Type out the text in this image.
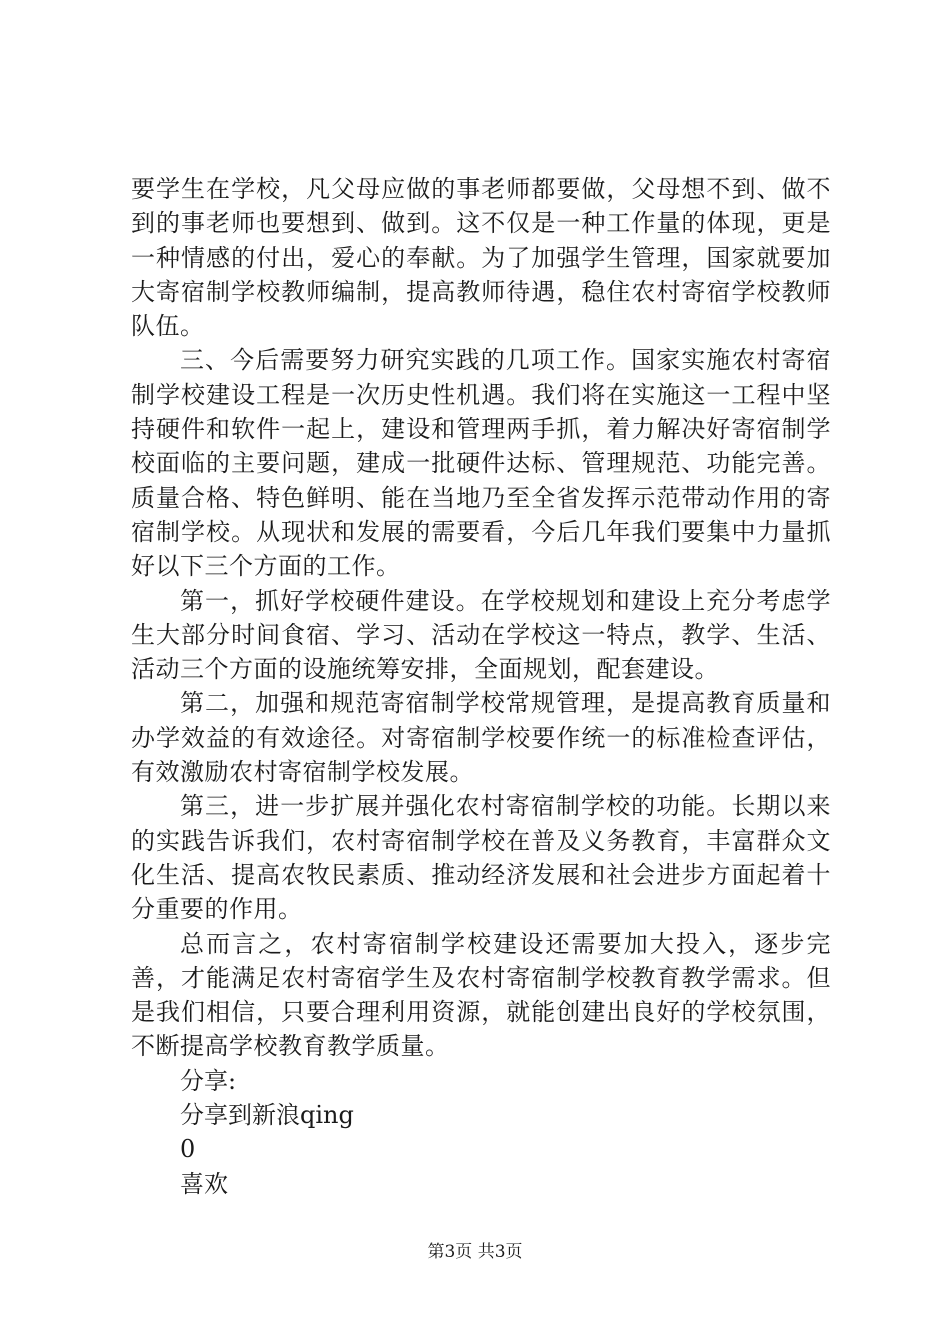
要学生在学校，凡父母应做的事老师都要做，父母想不到、做不到的事老师也要想到、做到。这不仅是一种工作量的体现，更是一种情感的付出，爱心的奉献。为了加强学生管理，国家就要加大寄宿制学校教师编制，提高教师待遇，稳住农村寄宿学校教师队伍。

三、今后需要努力研究实践的几项工作。国家实施农村寄宿制学校建设工程是一次历史性机遇。我们将在实施这一工程中坚持硬件和软件一起上，建设和管理两手抓，着力解决好寄宿制学校面临的主要问题，建成一批硬件达标、管理规范、功能完善。质量合格、特色鲜明、能在当地乃至全省发挥示范带动作用的寄宿制学校。从现状和发展的需要看，今后几年我们要集中力量抓好以下三个方面的工作。

第一，抓好学校硬件建设。在学校规划和建设上充分考虑学生大部分时间食宿、学习、活动在学校这一特点，教学、生活、活动三个方面的设施统筹安排，全面规划，配套建设。

第二，加强和规范寄宿制学校常规管理，是提高教育质量和办学效益的有效途径。对寄宿制学校要作统一的标准检查评估，有效激励农村寄宿制学校发展。

第三，进一步扩展并强化农村寄宿制学校的功能。长期以来的实践告诉我们，农村寄宿制学校在普及义务教育，丰富群众文化生活、提高农牧民素质、推动经济发展和社会进步方面起着十分重要的作用。

总而言之，农村寄宿制学校建设还需要加大投入，逐步完善，才能满足农村寄宿学生及农村寄宿制学校教育教学需求。但是我们相信，只要合理利用资源，就能创建出良好的学校氛围，不断提高学校教育教学质量。

分享:

分享到新浪qing

0

喜欢

第3页 共3页
